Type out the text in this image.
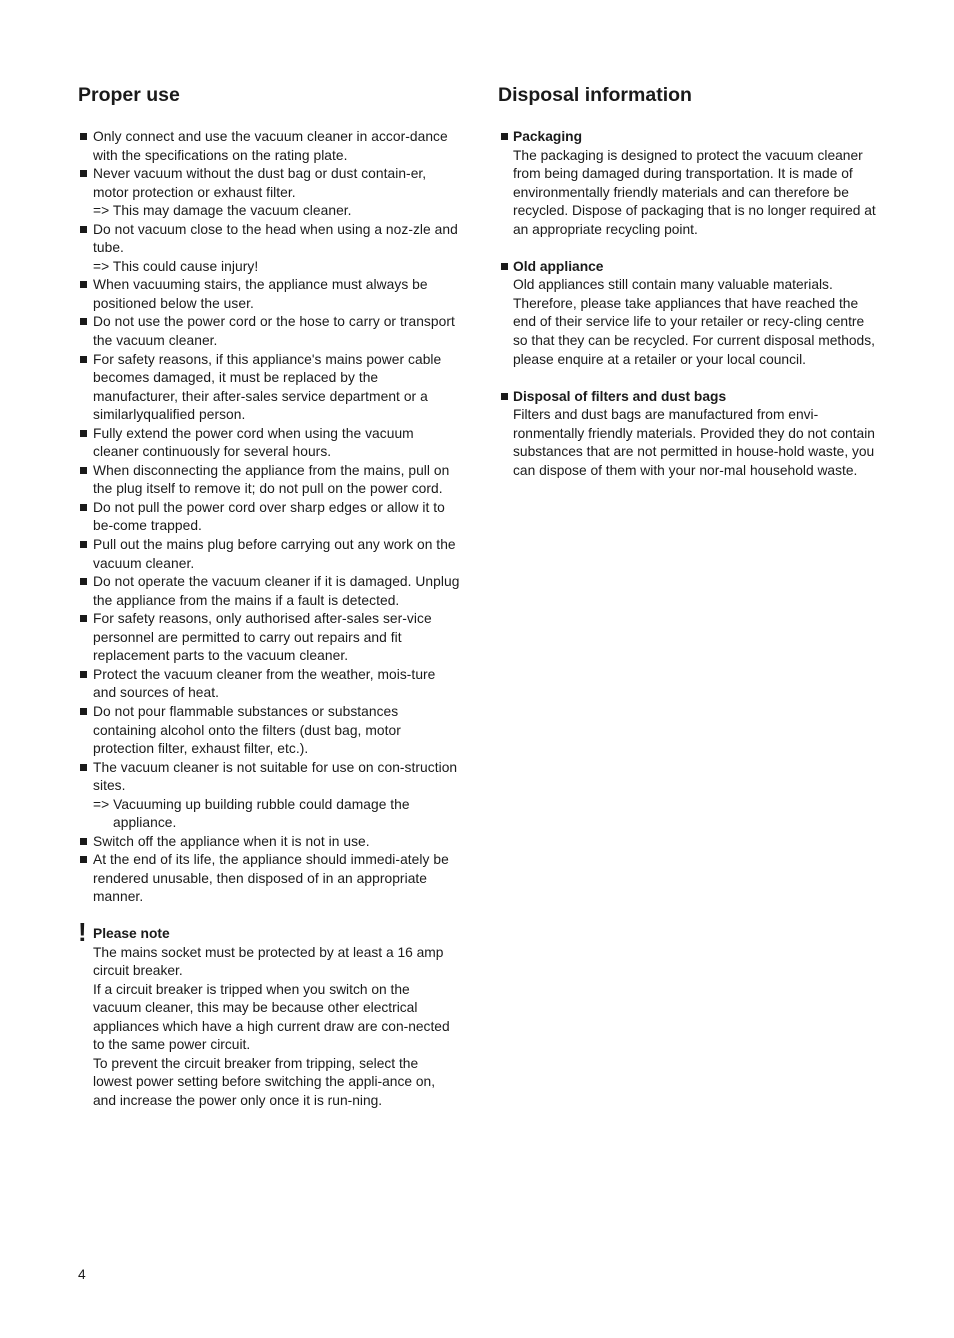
Proper use
Only connect and use the vacuum cleaner in accor-dance with the specifications on the rating plate.
Never vacuum without the dust bag or dust contain-er, motor protection or exhaust filter.
=> This may damage the vacuum cleaner.
Do not vacuum close to the head when using a noz-zle and tube.
=> This could cause injury!
When vacuuming stairs, the appliance must always be positioned below the user.
Do not use the power cord or the hose to carry or transport the vacuum cleaner.
For safety reasons, if this appliance's mains power cable becomes damaged, it must be replaced by the manufacturer, their after-sales service department or a similarlyqualified person.
Fully extend the power cord when using the vacuum cleaner continuously for several hours.
When disconnecting the appliance from the mains, pull on the plug itself to remove it; do not pull on the power cord.
Do not pull the power cord over sharp edges or allow it to be-come trapped.
Pull out the mains plug before carrying out any work on the vacuum cleaner.
Do not operate the vacuum cleaner if it is damaged. Unplug the appliance from the mains if a fault is detected.
For safety reasons, only authorised after-sales ser-vice personnel are permitted to carry out repairs and fit replacement parts to the vacuum cleaner.
Protect the vacuum cleaner from the weather, mois-ture and sources of heat.
Do not pour flammable substances or substances containing alcohol onto the filters (dust bag, motor protection filter, exhaust filter, etc.).
The vacuum cleaner is not suitable for use on con-struction sites.
=> Vacuuming up building rubble could damage the appliance.
Switch off the appliance when it is not in use.
At the end of its life, the appliance should immedi-ately be rendered unusable, then disposed of in an appropriate manner.
! Please note

The mains socket must be protected by at least a 16 amp circuit breaker.

If a circuit breaker is tripped when you switch on the vacuum cleaner, this may be because other electrical appliances which have a high current draw are con-nected to the same power circuit.

To prevent the circuit breaker from tripping, select the lowest power setting before switching the appli-ance on, and increase the power only once it is run-ning.

Disposal information
Packaging
The packaging is designed to protect the vacuum cleaner from being damaged during transportation. It is made of environmentally friendly materials and can therefore be recycled. Dispose of packaging that is no longer required at an appropriate recycling point.
Old appliance
Old appliances still contain many valuable materials. Therefore, please take appliances that have reached the end of their service life to your retailer or recy-cling centre so that they can be recycled. For current disposal methods, please enquire at a retailer or your local council.
Disposal of filters and dust bags
Filters and dust bags are manufactured from envi-ronmentally friendly materials. Provided they do not contain substances that are not permitted in house-hold waste, you can dispose of them with your nor-mal household waste.
4
